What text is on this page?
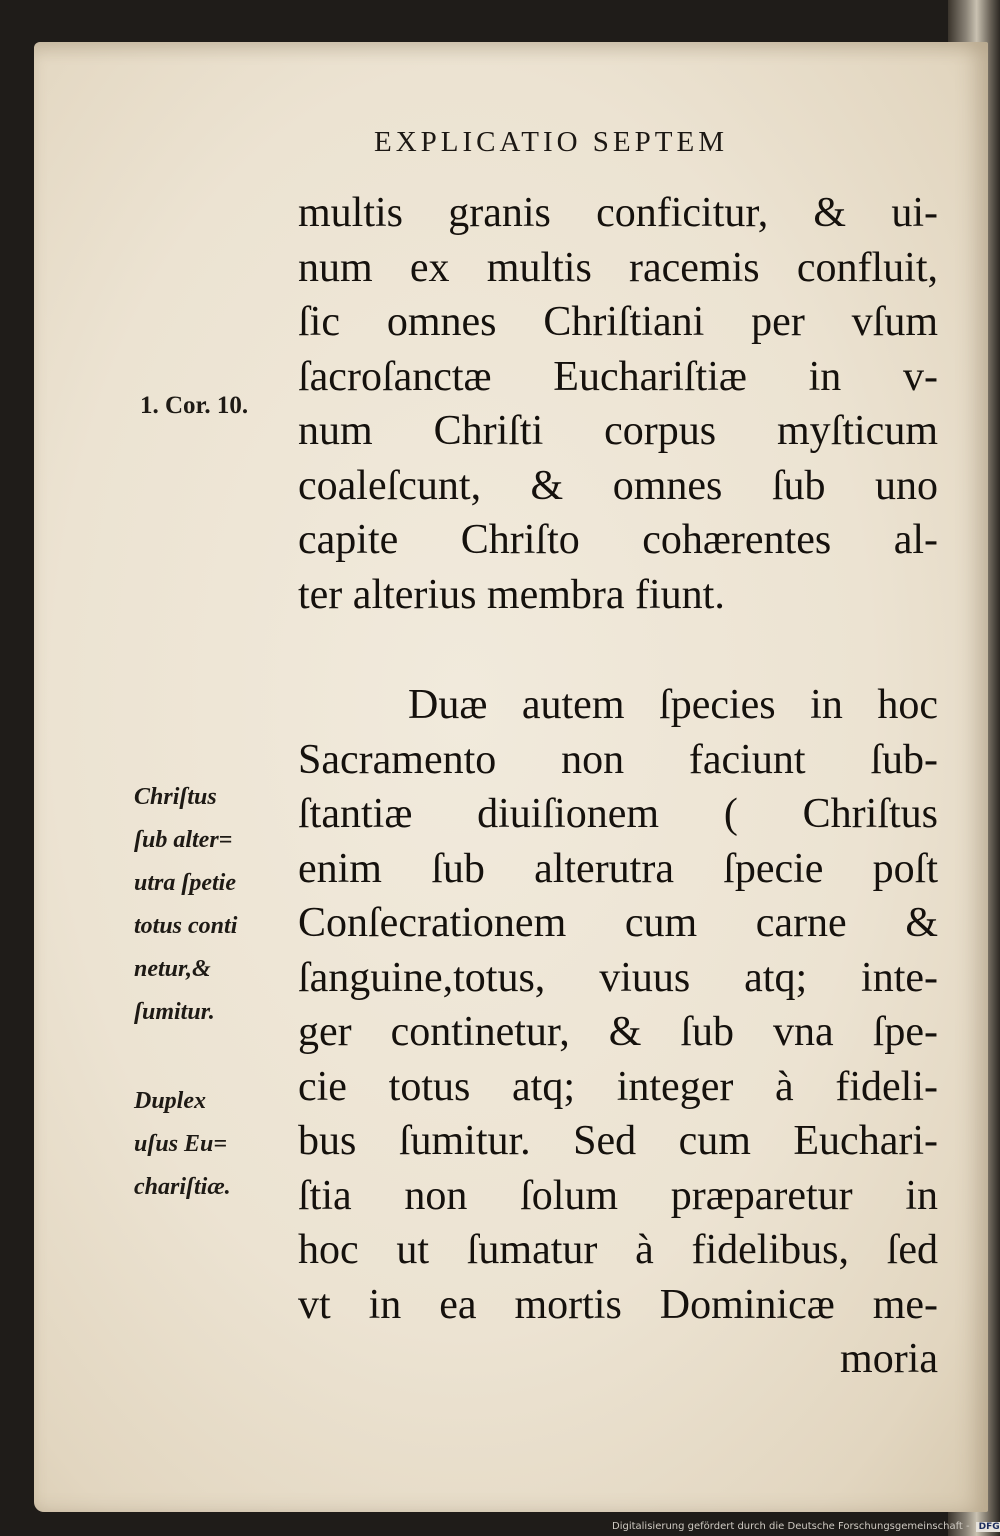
EXPLICATIO SEPTEM
multis granis conficitur, & ui-
num ex multis racemis confluit,
ſic omnes Chriſtiani per vſum
ſacroſanctæ Euchariſtiæ in v-
num Chriſti corpus myſticum
coaleſcunt, & omnes ſub uno
capite Chriſto cohærentes al-
ter alterius membra fiunt.
Duæ autem ſpecies in hoc
Sacramento non faciunt ſub-
ſtantiæ diuiſionem ( Chriſtus
enim ſub alterutra ſpecie poſt
Conſecrationem cum carne &
ſanguine,totus, viuus atq; inte-
ger continetur, & ſub vna ſpe-
cie totus atq; integer à fideli-
bus ſumitur. Sed cum Euchari-
ſtia non ſolum præparetur in
hoc ut ſumatur à fidelibus, ſed
vt in ea mortis Dominicæ me-
moria
1. Cor. 10.
Chriſtus
ſub alter=
utra ſpetie
totus conti
netur,&
ſumitur.
Duplex
uſus Eu=
chariſtiæ.
Digitalisierung gefördert durch die Deutsche Forschungsgemeinschaft - DFG
